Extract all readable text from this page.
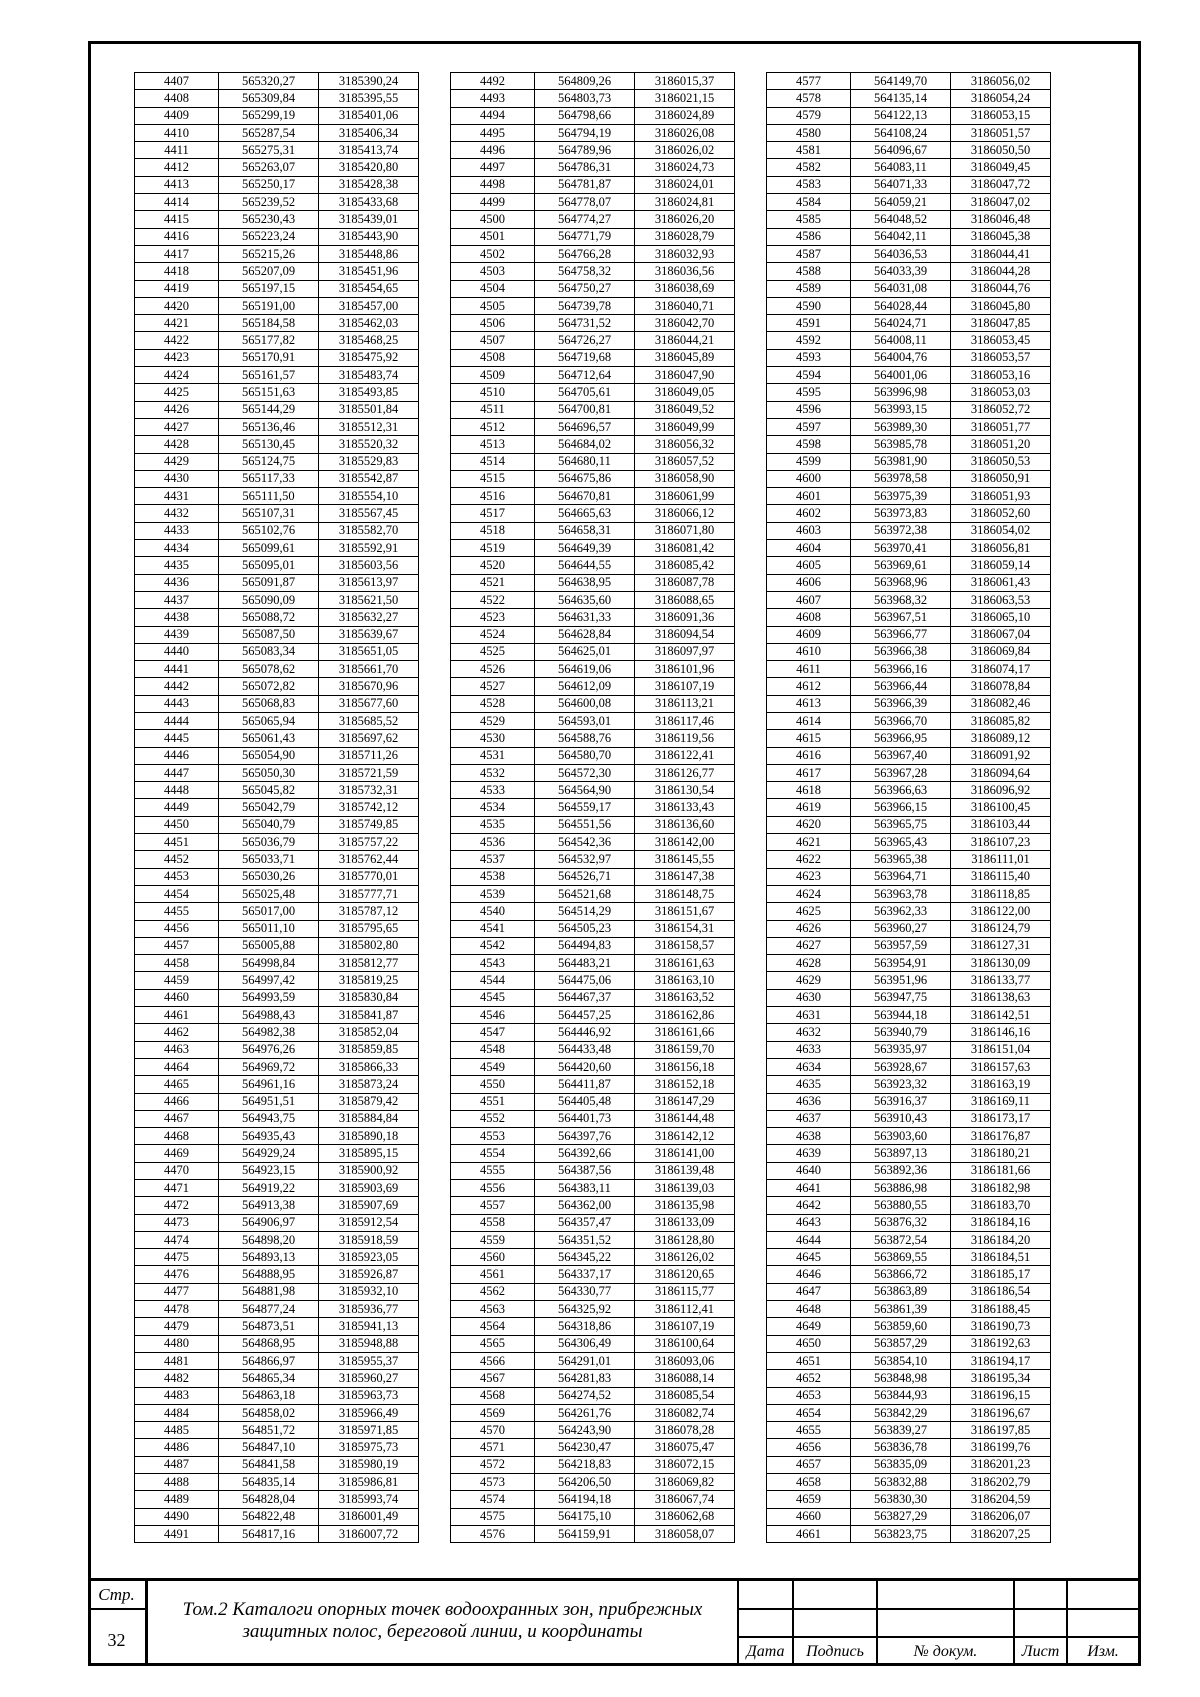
4407	565320,27	3185390,24
4408	565309,84	3185395,55
4409	565299,19	3185401,06
4410	565287,54	3185406,34
4411	565275,31	3185413,74
4412	565263,07	3185420,80
4413	565250,17	3185428,38
4414	565239,52	3185433,68
4415	565230,43	3185439,01
4416	565223,24	3185443,90
4417	565215,26	3185448,86
4418	565207,09	3185451,96
4419	565197,15	3185454,65
4420	565191,00	3185457,00
4421	565184,58	3185462,03
4422	565177,82	3185468,25
4423	565170,91	3185475,92
4424	565161,57	3185483,74
4425	565151,63	3185493,85
4426	565144,29	3185501,84
4427	565136,46	3185512,31
4428	565130,45	3185520,32
4429	565124,75	3185529,83
4430	565117,33	3185542,87
4431	565111,50	3185554,10
4432	565107,31	3185567,45
4433	565102,76	3185582,70
4434	565099,61	3185592,91
4435	565095,01	3185603,56
4436	565091,87	3185613,97
4437	565090,09	3185621,50
4438	565088,72	3185632,27
4439	565087,50	3185639,67
4440	565083,34	3185651,05
4441	565078,62	3185661,70
4442	565072,82	3185670,96
4443	565068,83	3185677,60
4444	565065,94	3185685,52
4445	565061,43	3185697,62
4446	565054,90	3185711,26
4447	565050,30	3185721,59
4448	565045,82	3185732,31
4449	565042,79	3185742,12
4450	565040,79	3185749,85
4451	565036,79	3185757,22
4452	565033,71	3185762,44
4453	565030,26	3185770,01
4454	565025,48	3185777,71
4455	565017,00	3185787,12
4456	565011,10	3185795,65
4457	565005,88	3185802,80
4458	564998,84	3185812,77
4459	564997,42	3185819,25
4460	564993,59	3185830,84
4461	564988,43	3185841,87
4462	564982,38	3185852,04
4463	564976,26	3185859,85
4464	564969,72	3185866,33
4465	564961,16	3185873,24
4466	564951,51	3185879,42
4467	564943,75	3185884,84
4468	564935,43	3185890,18
4469	564929,24	3185895,15
4470	564923,15	3185900,92
4471	564919,22	3185903,69
4472	564913,38	3185907,69
4473	564906,97	3185912,54
4474	564898,20	3185918,59
4475	564893,13	3185923,05
4476	564888,95	3185926,87
4477	564881,98	3185932,10
4478	564877,24	3185936,77
4479	564873,51	3185941,13
4480	564868,95	3185948,88
4481	564866,97	3185955,37
4482	564865,34	3185960,27
4483	564863,18	3185963,73
4484	564858,02	3185966,49
4485	564851,72	3185971,85
4486	564847,10	3185975,73
4487	564841,58	3185980,19
4488	564835,14	3185986,81
4489	564828,04	3185993,74
4490	564822,48	3186001,49
4491	564817,16	3186007,72
4492	564809,26	3186015,37
4493	564803,73	3186021,15
4494	564798,66	3186024,89
4495	564794,19	3186026,08
4496	564789,96	3186026,02
4497	564786,31	3186024,73
4498	564781,87	3186024,01
4499	564778,07	3186024,81
4500	564774,27	3186026,20
4501	564771,79	3186028,79
4502	564766,28	3186032,93
4503	564758,32	3186036,56
4504	564750,27	3186038,69
4505	564739,78	3186040,71
4506	564731,52	3186042,70
4507	564726,27	3186044,21
4508	564719,68	3186045,89
4509	564712,64	3186047,90
4510	564705,61	3186049,05
4511	564700,81	3186049,52
4512	564696,57	3186049,99
4513	564684,02	3186056,32
4514	564680,11	3186057,52
4515	564675,86	3186058,90
4516	564670,81	3186061,99
4517	564665,63	3186066,12
4518	564658,31	3186071,80
4519	564649,39	3186081,42
4520	564644,55	3186085,42
4521	564638,95	3186087,78
4522	564635,60	3186088,65
4523	564631,33	3186091,36
4524	564628,84	3186094,54
4525	564625,01	3186097,97
4526	564619,06	3186101,96
4527	564612,09	3186107,19
4528	564600,08	3186113,21
4529	564593,01	3186117,46
4530	564588,76	3186119,56
4531	564580,70	3186122,41
4532	564572,30	3186126,77
4533	564564,90	3186130,54
4534	564559,17	3186133,43
4535	564551,56	3186136,60
4536	564542,36	3186142,00
4537	564532,97	3186145,55
4538	564526,71	3186147,38
4539	564521,68	3186148,75
4540	564514,29	3186151,67
4541	564505,23	3186154,31
4542	564494,83	3186158,57
4543	564483,21	3186161,63
4544	564475,06	3186163,10
4545	564467,37	3186163,52
4546	564457,25	3186162,86
4547	564446,92	3186161,66
4548	564433,48	3186159,70
4549	564420,60	3186156,18
4550	564411,87	3186152,18
4551	564405,48	3186147,29
4552	564401,73	3186144,48
4553	564397,76	3186142,12
4554	564392,66	3186141,00
4555	564387,56	3186139,48
4556	564383,11	3186139,03
4557	564362,00	3186135,98
4558	564357,47	3186133,09
4559	564351,52	3186128,80
4560	564345,22	3186126,02
4561	564337,17	3186120,65
4562	564330,77	3186115,77
4563	564325,92	3186112,41
4564	564318,86	3186107,19
4565	564306,49	3186100,64
4566	564291,01	3186093,06
4567	564281,83	3186088,14
4568	564274,52	3186085,54
4569	564261,76	3186082,74
4570	564243,90	3186078,28
4571	564230,47	3186075,47
4572	564218,83	3186072,15
4573	564206,50	3186069,82
4574	564194,18	3186067,74
4575	564175,10	3186062,68
4576	564159,91	3186058,07
4577	564149,70	3186056,02
4578	564135,14	3186054,24
4579	564122,13	3186053,15
4580	564108,24	3186051,57
4581	564096,67	3186050,50
4582	564083,11	3186049,45
4583	564071,33	3186047,72
4584	564059,21	3186047,02
4585	564048,52	3186046,48
4586	564042,11	3186045,38
4587	564036,53	3186044,41
4588	564033,39	3186044,28
4589	564031,08	3186044,76
4590	564028,44	3186045,80
4591	564024,71	3186047,85
4592	564008,11	3186053,45
4593	564004,76	3186053,57
4594	564001,06	3186053,16
4595	563996,98	3186053,03
4596	563993,15	3186052,72
4597	563989,30	3186051,77
4598	563985,78	3186051,20
4599	563981,90	3186050,53
4600	563978,58	3186050,91
4601	563975,39	3186051,93
4602	563973,83	3186052,60
4603	563972,38	3186054,02
4604	563970,41	3186056,81
4605	563969,61	3186059,14
4606	563968,96	3186061,43
4607	563968,32	3186063,53
4608	563967,51	3186065,10
4609	563966,77	3186067,04
4610	563966,38	3186069,84
4611	563966,16	3186074,17
4612	563966,44	3186078,84
4613	563966,39	3186082,46
4614	563966,70	3186085,82
4615	563966,95	3186089,12
4616	563967,40	3186091,92
4617	563967,28	3186094,64
4618	563966,63	3186096,92
4619	563966,15	3186100,45
4620	563965,75	3186103,44
4621	563965,43	3186107,23
4622	563965,38	3186111,01
4623	563964,71	3186115,40
4624	563963,78	3186118,85
4625	563962,33	3186122,00
4626	563960,27	3186124,79
4627	563957,59	3186127,31
4628	563954,91	3186130,09
4629	563951,96	3186133,77
4630	563947,75	3186138,63
4631	563944,18	3186142,51
4632	563940,79	3186146,16
4633	563935,97	3186151,04
4634	563928,67	3186157,63
4635	563923,32	3186163,19
4636	563916,37	3186169,11
4637	563910,43	3186173,17
4638	563903,60	3186176,87
4639	563897,13	3186180,21
4640	563892,36	3186181,66
4641	563886,98	3186182,98
4642	563880,55	3186183,70
4643	563876,32	3186184,16
4644	563872,54	3186184,20
4645	563869,55	3186184,51
4646	563866,72	3186185,17
4647	563863,89	3186186,54
4648	563861,39	3186188,45
4649	563859,60	3186190,73
4650	563857,29	3186192,63
4651	563854,10	3186194,17
4652	563848,98	3186195,34
4653	563844,93	3186196,15
4654	563842,29	3186196,67
4655	563839,27	3186197,85
4656	563836,78	3186199,76
4657	563835,09	3186201,23
4658	563832,88	3186202,79
4659	563830,30	3186204,59
4660	563827,29	3186206,07
4661	563823,75	3186207,25
Стр.
32
Том.2 Каталоги опорных точек водоохранных зон, прибрежных
защитных полос, береговой линии, и координаты
Дата	Подпись	№ докум.	Лист	Изм.
